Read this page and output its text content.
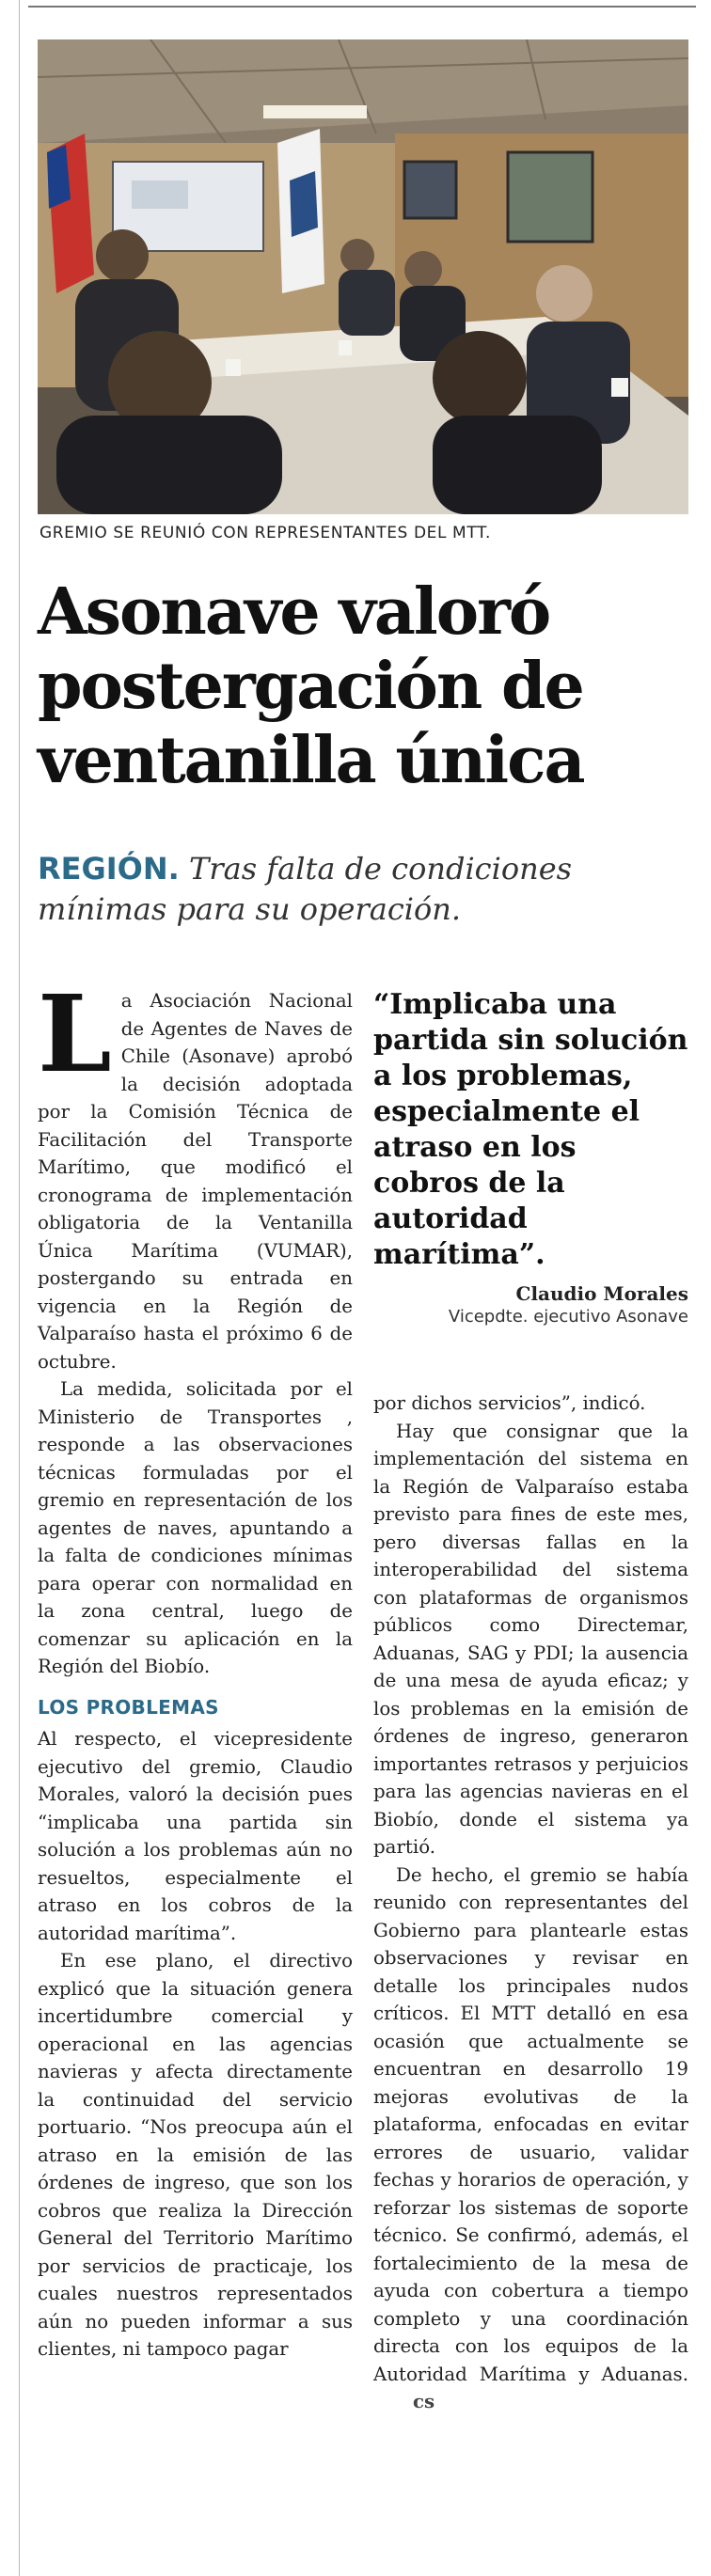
GREMIO SE REUNIÓ CON REPRESENTANTES DEL MTT.
Asonave valoró postergación de ventanilla única
REGIÓN. Tras falta de condiciones mínimas para su operación.

La Asociación Nacional de Agentes de Naves de Chile (Asonave) aprobó la decisión adoptada por la Comisión Técnica de Facilitación del Transporte Marítimo, que modificó el cronograma de implementación obligatoria de la Ventanilla Única Marítima (VUMAR), postergando su entrada en vigencia en la Región de Valparaíso hasta el próximo 6 de octubre.

La medida, solicitada por el Ministerio de Transportes , responde a las observaciones técnicas formuladas por el gremio en representación de los agentes de naves, apuntando a la falta de condiciones mínimas para operar con normalidad en la zona central, luego de comenzar su aplicación en la Región del Biobío.

LOS PROBLEMAS

Al respecto, el vicepresidente ejecutivo del gremio, Claudio Morales, valoró la decisión pues “implicaba una partida sin solución a los problemas aún no resueltos, especialmente el atraso en los cobros de la autoridad marítima”.

En ese plano, el directivo explicó que la situación genera incertidumbre comercial y operacional en las agencias navieras y afecta directamente la continuidad del servicio portuario. “Nos preocupa aún el atraso en la emisión de las órdenes de ingreso, que son los cobros que realiza la Dirección General del Territorio Marítimo por servicios de practicaje, los cuales nuestros representados aún no pueden informar a sus clientes, ni tampoco pagar

“Implicaba una partida sin solución a los problemas, especialmente el atraso en los cobros de la autoridad marítima”.
Claudio Morales
Vicepdte. ejecutivo Asonave

por dichos servicios”, indicó.

Hay que consignar que la implementación del sistema en la Región de Valparaíso estaba previsto para fines de este mes, pero diversas fallas en la interoperabilidad del sistema con plataformas de organismos públicos como Directemar, Aduanas, SAG y PDI; la ausencia de una mesa de ayuda eficaz; y los problemas en la emisión de órdenes de ingreso, generaron importantes retrasos y perjuicios para las agencias navieras en el Biobío, donde el sistema ya partió.

De hecho, el gremio se había reunido con representantes del Gobierno para plantearle estas observaciones y revisar en detalle los principales nudos críticos. El MTT detalló en esa ocasión que actualmente se encuentran en desarrollo 19 mejoras evolutivas de la plataforma, enfocadas en evitar errores de usuario, validar fechas y horarios de operación, y reforzar los sistemas de soporte técnico. Se confirmó, además, el fortalecimiento de la mesa de ayuda con cobertura a tiempo completo y una coordinación directa con los equipos de la Autoridad Marítima y Aduanas.cs
